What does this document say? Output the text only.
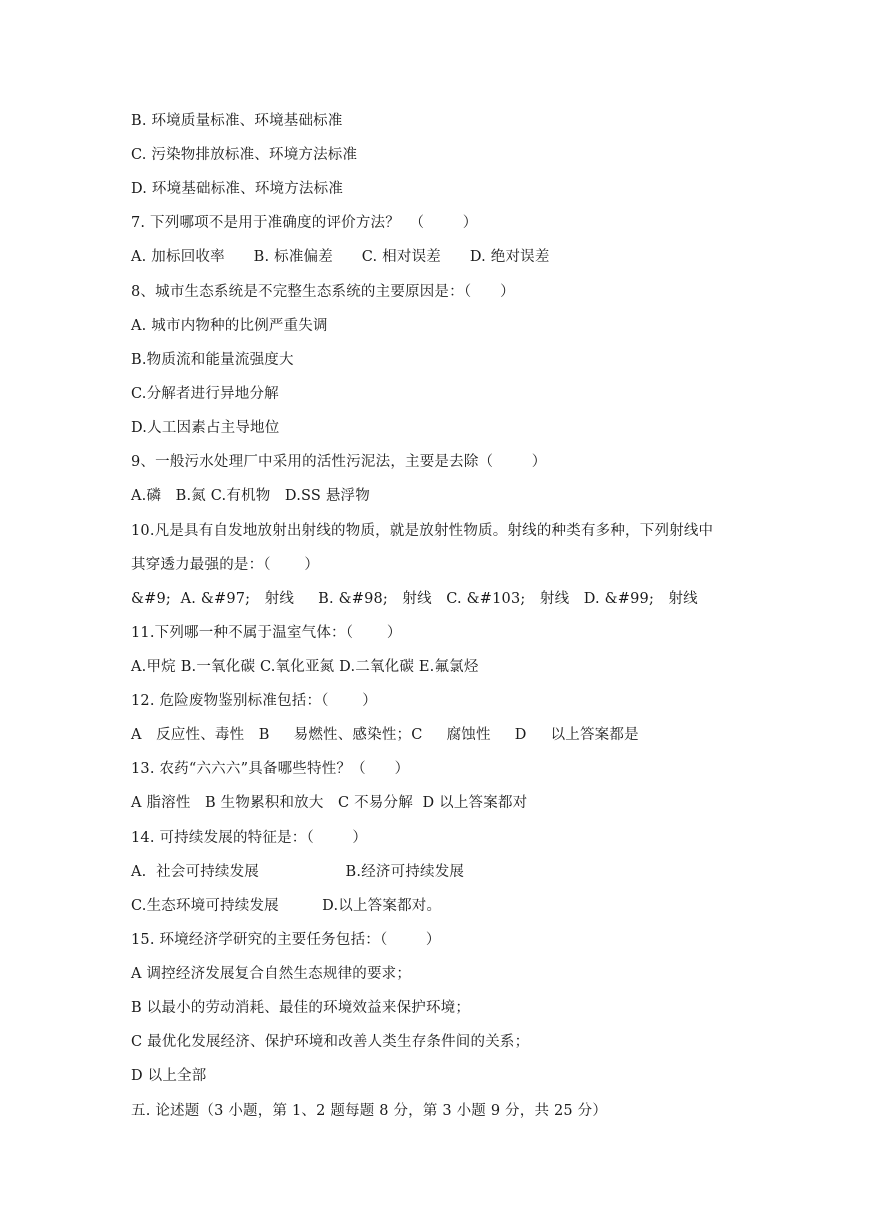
B. 环境质量标准、环境基础标准

C. 污染物排放标准、环境方法标准

D. 环境基础标准、环境方法标准

7. 下列哪项不是用于准确度的评价方法？  （        ）

A. 加标回收率      B. 标准偏差      C. 相对误差      D. 绝对误差

8、城市生态系统是不完整生态系统的主要原因是：（      ）

A. 城市内物种的比例严重失调

B.物质流和能量流强度大

C.分解者进行异地分解

D.人工因素占主导地位

9、一般污水处理厂中采用的活性污泥法，主要是去除（        ）

A.磷   B.氮 C.有机物   D.SS 悬浮物

10.凡是具有自发地放射出射线的物质，就是放射性物质。射线的种类有多种，下列射线中

其穿透力最强的是：（       ）

&#9;  A. &#97;   射线     B. &#98;   射线   C. &#103;   射线   D. &#99;   射线

11.下列哪一种不属于温室气体：（       ）

A.甲烷 B.一氧化碳 C.氧化亚氮 D.二氧化碳 E.氟氯烃

12. 危险废物鉴别标准包括：（       ）

A   反应性、毒性   B     易燃性、感染性；C     腐蚀性     D     以上答案都是

13. 农药“六六六”具备哪些特性？（      ）

A 脂溶性   B 生物累积和放大   C 不易分解  D 以上答案都对

14. 可持续发展的特征是：（        ）

A.  社会可持续发展                  B.经济可持续发展

C.生态环境可持续发展         D.以上答案都对。

15. 环境经济学研究的主要任务包括：（        ）

A 调控经济发展复合自然生态规律的要求；

B 以最小的劳动消耗、最佳的环境效益来保护环境；

C 最优化发展经济、保护环境和改善人类生存条件间的关系；

D 以上全部

五. 论述题（3 小题，第 1、2 题每题 8 分，第 3 小题 9 分，共 25 分）
